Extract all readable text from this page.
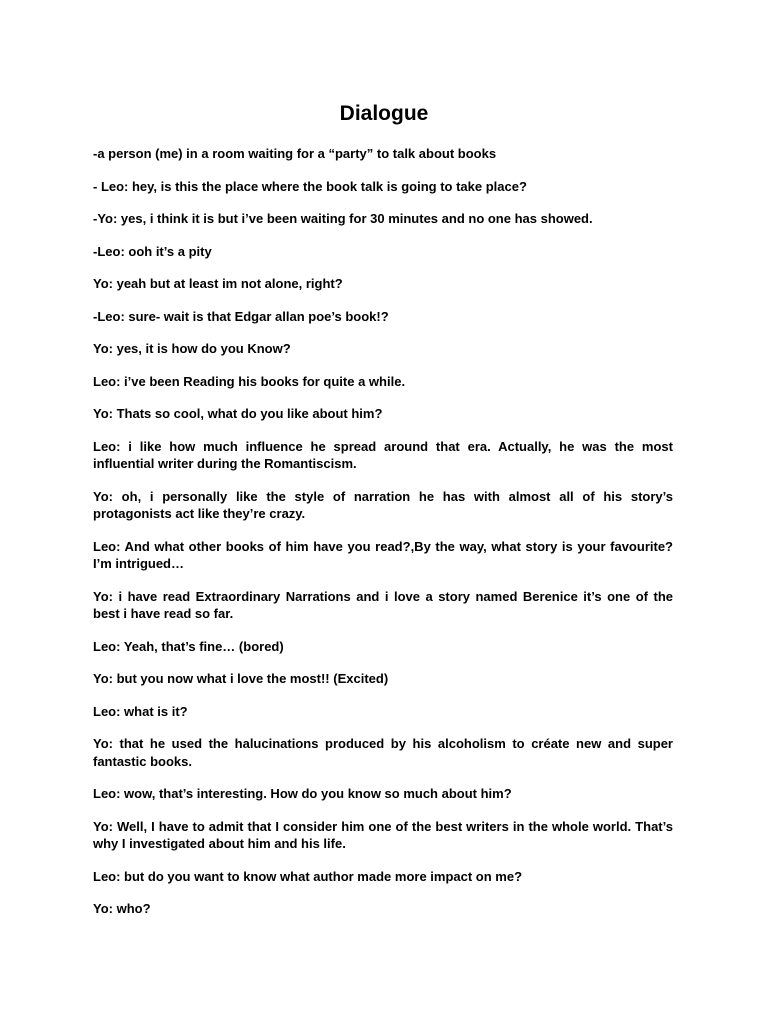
Dialogue

-a person (me) in a room waiting for a “party” to talk about books

- Leo: hey, is this the place where the book talk is going to take place?

-Yo: yes, i think it is but i’ve been waiting for 30 minutes and no one has showed.

-Leo: ooh it’s a pity

Yo: yeah but at least im not alone, right?

-Leo: sure- wait is that Edgar allan poe’s book!?

Yo: yes, it is how do you Know?

Leo: i’ve been Reading his books for quite a while.

Yo: Thats so cool, what do you like about him?

Leo: i like how much influence he spread around that era. Actually, he was the most influential writer during the Romantiscism.

Yo: oh, i personally like the style of narration he has with almost all of his story’s protagonists act like they’re crazy.

Leo: And what other books of him have you read?,By the way, what story is your favourite? I’m intrigued…

Yo: i have read Extraordinary Narrations and i love a story named Berenice it’s one of the best i have read so far.

Leo: Yeah, that’s fine… (bored)

Yo: but you now what i love the most!! (Excited)

Leo: what is it?

Yo: that he used the halucinations produced by his alcoholism to créate new and super fantastic books.

Leo: wow, that’s interesting. How do you know so much about him?

Yo: Well, I have to admit that I consider him one of the best writers in the whole world. That’s why I investigated about him and his life.

Leo: but do you want to know what author made more impact on me?

Yo: who?
